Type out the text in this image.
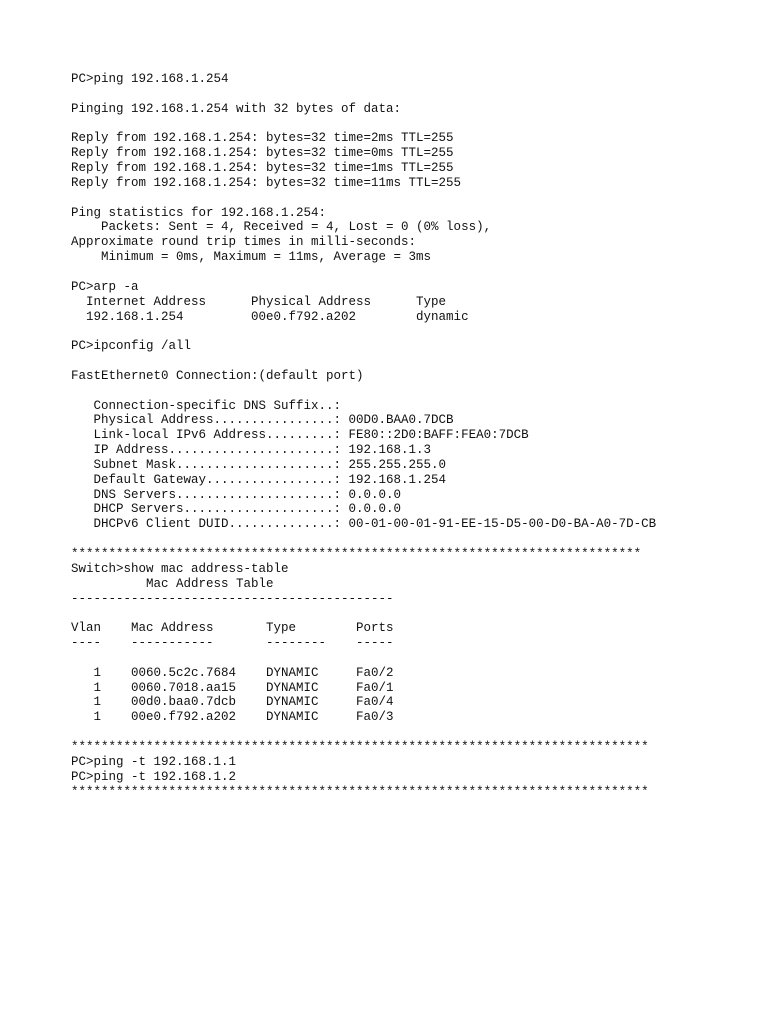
PC>ping 192.168.1.254
Pinging 192.168.1.254 with 32 bytes of data:
Reply from 192.168.1.254: bytes=32 time=2ms TTL=255
Reply from 192.168.1.254: bytes=32 time=0ms TTL=255
Reply from 192.168.1.254: bytes=32 time=1ms TTL=255
Reply from 192.168.1.254: bytes=32 time=11ms TTL=255
Ping statistics for 192.168.1.254:
Packets: Sent = 4, Received = 4, Lost = 0 (0% loss),
Approximate round trip times in milli-seconds:
Minimum = 0ms, Maximum = 11ms, Average = 3ms
PC>arp -a
Internet Address      Physical Address      Type
192.168.1.254         00e0.f792.a202        dynamic
PC>ipconfig /all
FastEthernet0 Connection:(default port)
Connection-specific DNS Suffix..:
Physical Address................: 00D0.BAA0.7DCB
Link-local IPv6 Address.........: FE80::2D0:BAFF:FEA0:7DCB
IP Address......................: 192.168.1.3
Subnet Mask.....................: 255.255.255.0
Default Gateway.................: 192.168.1.254
DNS Servers.....................: 0.0.0.0
DHCP Servers....................: 0.0.0.0
DHCPv6 Client DUID..............: 00-01-00-01-91-EE-15-D5-00-D0-BA-A0-7D-CB
****************************************************************************
Switch>show mac address-table
Mac Address Table
-------------------------------------------
Vlan    Mac Address       Type        Ports
----    -----------       --------    -----
1    0060.5c2c.7684    DYNAMIC     Fa0/2
1    0060.7018.aa15    DYNAMIC     Fa0/1
1    00d0.baa0.7dcb    DYNAMIC     Fa0/4
1    00e0.f792.a202    DYNAMIC     Fa0/3
*****************************************************************************
PC>ping -t 192.168.1.1
PC>ping -t 192.168.1.2
*****************************************************************************
